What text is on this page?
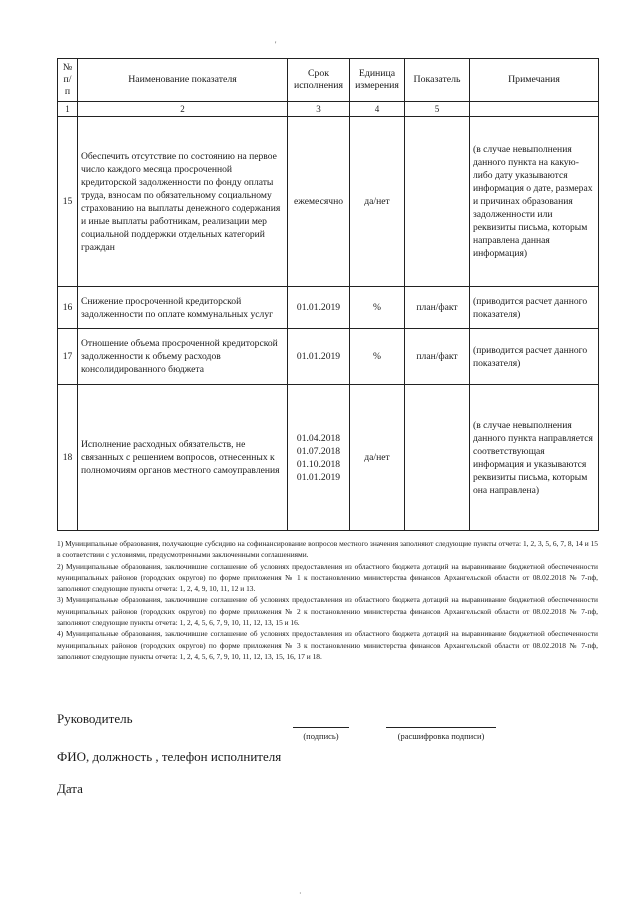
'
№ п/п	Наименование показателя	Срок исполнения	Единица измерения	Показатель	Примечания
1	2	3	4	5	
15	Обеспечить отсутствие по состоянию на первое число каждого месяца просроченной кредиторской задолженности по фонду оплаты труда, взносам по обязательному социальному страхованию на выплаты денежного содержания и иные выплаты работникам, реализации мер социальной поддержки отдельных категорий граждан	ежемесячно	да/нет		(в случае невыполнения данного пункта на какую-либо дату указываются информация о дате, размерах и причинах образования задолженности или реквизиты письма, которым направлена данная информация)
16	Снижение просроченной кредиторской задолженности по оплате коммунальных услуг	01.01.2019	%	план/факт	(приводится расчет данного показателя)
17	Отношение объема просроченной кредиторской задолженности к объему расходов консолидированного бюджета	01.01.2019	%	план/факт	(приводится расчет данного показателя)
18	Исполнение расходных обязательств, не связанных с решением вопросов, отнесенных к полномочиям органов местного самоуправления	01.04.2018
01.07.2018
01.10.2018
01.01.2019	да/нет		(в случае невыполнения данного пункта направляется соответствующая информация и указываются реквизиты письма, которым она направлена)

1) Муниципальные образования, получающие субсидию на софинансирование вопросов местного значения заполняют следующие пункты отчета: 1, 2, 3, 5, 6, 7, 8, 14 и 15 в соответствии с условиями, предусмотренными заключенными соглашениями.

2) Муниципальные образования, заключившие соглашение об условиях предоставления из областного бюджета дотаций на выравнивание бюджетной обеспеченности муниципальных районов (городских округов) по форме приложения № 1 к постановлению министерства финансов Архангельской области от 08.02.2018 № 7-пф, заполняют следующие пункты отчета: 1, 2, 4, 9, 10, 11, 12 и 13.

3) Муниципальные образования, заключившие соглашение об условиях предоставления из областного бюджета дотаций на выравнивание бюджетной обеспеченности муниципальных районов (городских округов) по форме приложения № 2 к постановлению министерства финансов Архангельской области от 08.02.2018 № 7-пф, заполняют следующие пункты отчета: 1, 2, 4, 5, 6, 7, 9, 10, 11, 12, 13, 15 и 16.

4) Муниципальные образования, заключившие соглашение об условиях предоставления из областного бюджета дотаций на выравнивание бюджетной обеспеченности муниципальных районов (городских округов) по форме приложения № 3 к постановлению министерства финансов Архангельской области от 08.02.2018 № 7-пф, заполняют следующие пункты отчета: 1, 2, 4, 5, 6, 7, 9, 10, 11, 12, 13, 15, 16, 17 и 18.

Руководитель
(подпись)	(расшифровка подписи)
ФИО, должность , телефон исполнителя
Дата
·
